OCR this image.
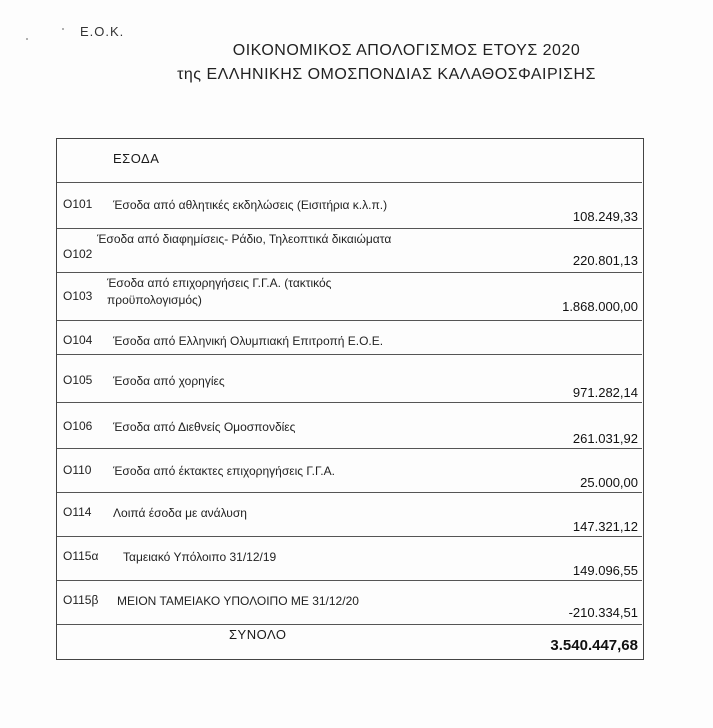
Ε.Ο.Κ.
ΟΙΚΟΝΟΜΙΚΟΣ ΑΠΟΛΟΓΙΣΜΟΣ ΕΤΟΥΣ 2020
της ΕΛΛΗΝΙΚΗΣ ΟΜΟΣΠΟΝΔΙΑΣ ΚΑΛΑΘΟΣΦΑΙΡΙΣΗΣ
ΕΣΟΔΑ
Ο101 Έσοδα από αθλητικές εκδηλώσεις (Εισιτήρια κ.λ.π.)
108.249,33
Ο102
Έσοδα από διαφημίσεις- Ράδιο, Τηλεοπτικά δικαιώματα
220.801,13
Ο103
Έσοδα από επιχορηγήσεις Γ.Γ.Α. (τακτικός προϋπολογισμός)	1.868.000,00
Ο104 Έσοδα από Ελληνική Ολυμπιακή Επιτροπή Ε.Ο.Ε.
Ο105 Έσοδα από χορηγίες
971.282,14
Ο106 Έσοδα από Διεθνείς Ομοσπονδίες
261.031,92
Ο110 Έσοδα από έκτακτες επιχορηγήσεις Γ.Γ.Α.
25.000,00
Ο114 Λοιπά έσοδα με ανάλυση
147.321,12
Ο115α Ταμειακό Υπόλοιπο 31/12/19
149.096,55
Ο115β ΜΕΙΟΝ ΤΑΜΕΙΑΚΟ ΥΠΟΛΟΙΠΟ ΜΕ 31/12/20
-210.334,51
ΣΥΝΟΛΟ
3.540.447,68
